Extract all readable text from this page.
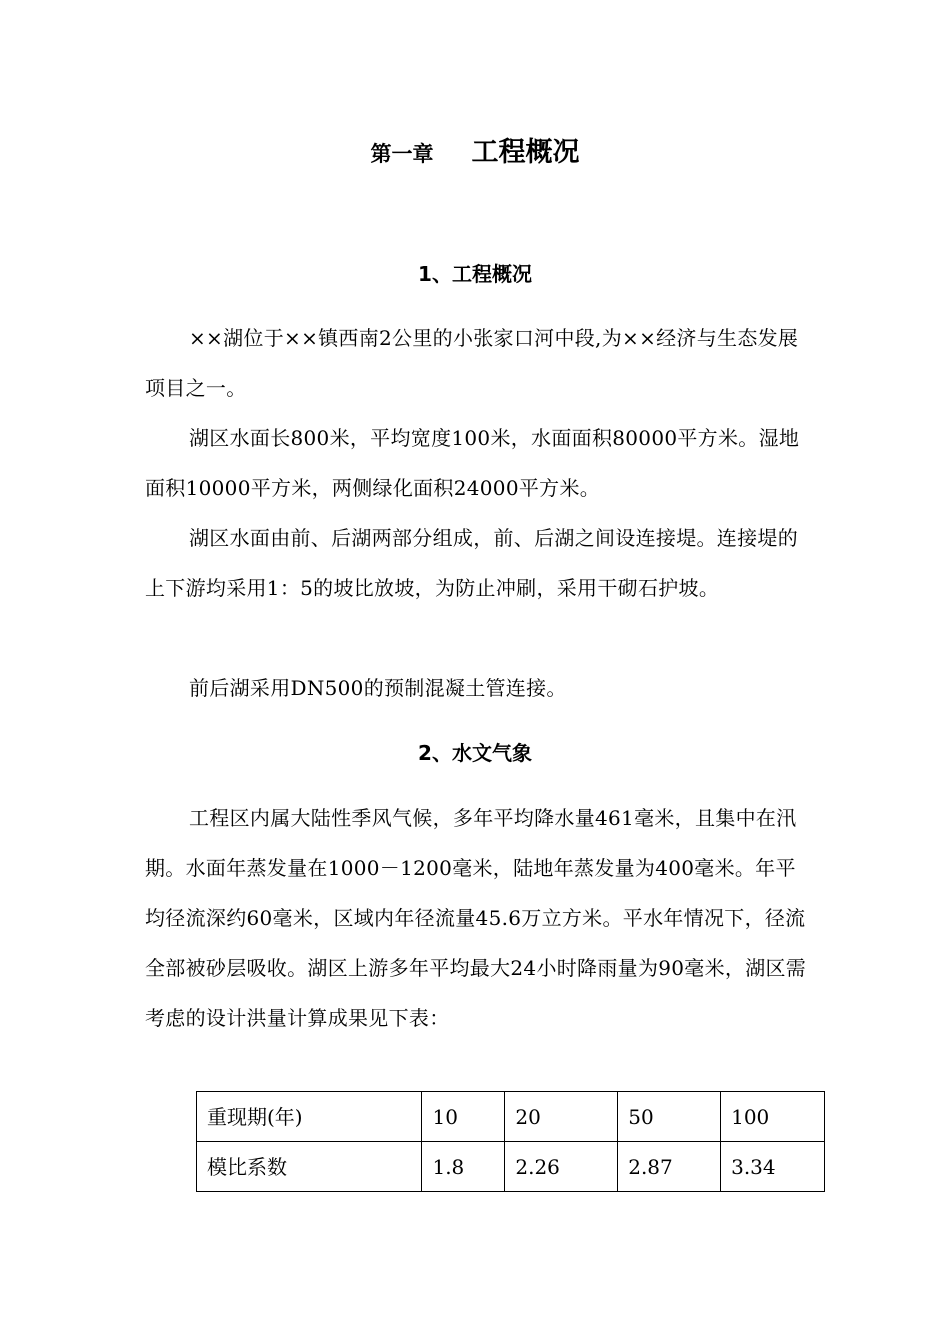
第一章 工程概况
1、工程概况

××湖位于××镇西南2公里的小张家口河中段,为××经济与生态发展项目之一。

湖区水面长800米，平均宽度100米，水面面积80000平方米。湿地面积10000平方米，两侧绿化面积24000平方米。

湖区水面由前、后湖两部分组成，前、后湖之间设连接堤。连接堤的上下游均采用1：5的坡比放坡，为防止冲刷，采用干砌石护坡。

前后湖采用DN500的预制混凝土管连接。

2、水文气象

工程区内属大陆性季风气候，多年平均降水量461毫米，且集中在汛期。水面年蒸发量在1000－1200毫米，陆地年蒸发量为400毫米。年平均径流深约60毫米，区域内年径流量45.6万立方米。平水年情况下，径流全部被砂层吸收。湖区上游多年平均最大24小时降雨量为90毫米，湖区需考虑的设计洪量计算成果见下表：

重现期(年)	10	20	50	100
模比系数	1.8	2.26	2.87	3.34
